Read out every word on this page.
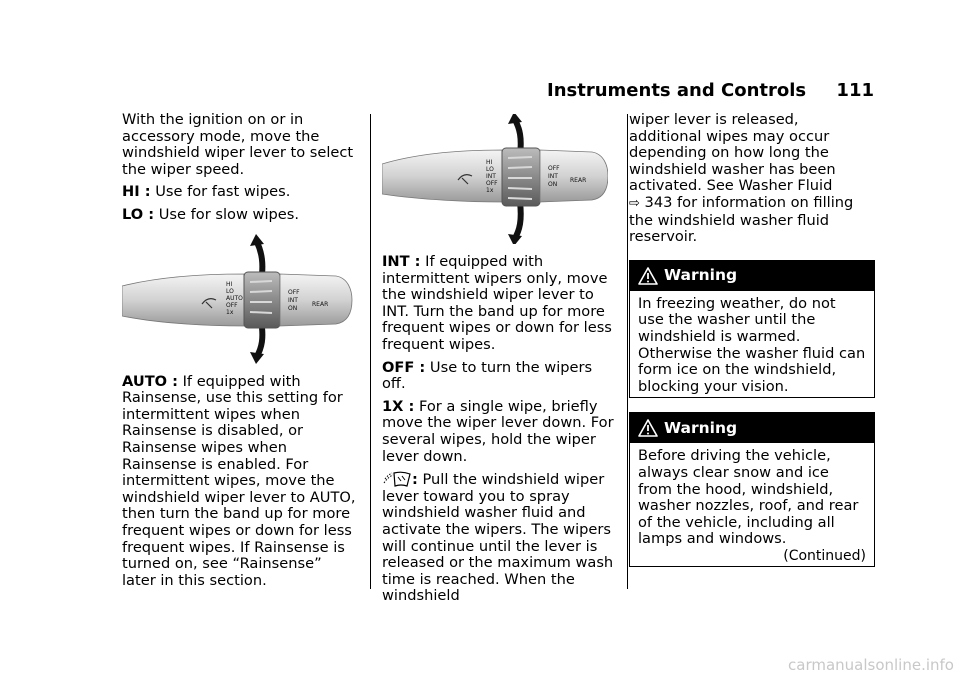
Instruments and Controls 111

With the ignition on or in accessory mode, move the windshield wiper lever to select the wiper speed.

HI : Use for fast wipes.

LO : Use for slow wipes.

HI
LO
AUTO
OFF
1x
OFF
INT
ON
REAR

AUTO : If equipped with Rainsense, use this setting for intermittent wipes when Rainsense is disabled, or Rainsense wipes when Rainsense is enabled. For intermittent wipes, move the windshield wiper lever to AUTO, then turn the band up for more frequent wipes or down for less frequent wipes. If Rainsense is turned on, see “Rainsense” later in this section.

HI
LO
INT
OFF
1x
OFF
INT
ON
REAR

INT : If equipped with intermittent wipers only, move the windshield wiper lever to INT. Turn the band up for more frequent wipes or down for less frequent wipes.

OFF : Use to turn the wipers off.

1X : For a single wipe, briefly move the wiper lever down. For several wipes, hold the wiper lever down.

: Pull the windshield wiper lever toward you to spray windshield washer fluid and activate the wipers. The wipers will continue until the lever is released or the maximum wash time is reached. When the windshield

wiper lever is released, additional wipes may occur depending on how long the windshield washer has been activated. See Washer Fluid
⇨ 343 for information on filling the windshield washer fluid reservoir.

Warning
In freezing weather, do not use the washer until the windshield is warmed. Otherwise the washer fluid can form ice on the windshield, blocking your vision.
Warning
Before driving the vehicle, always clear snow and ice from the hood, windshield, washer nozzles, roof, and rear of the vehicle, including all lamps and windows.
(Continued)
carmanualsonline.info
